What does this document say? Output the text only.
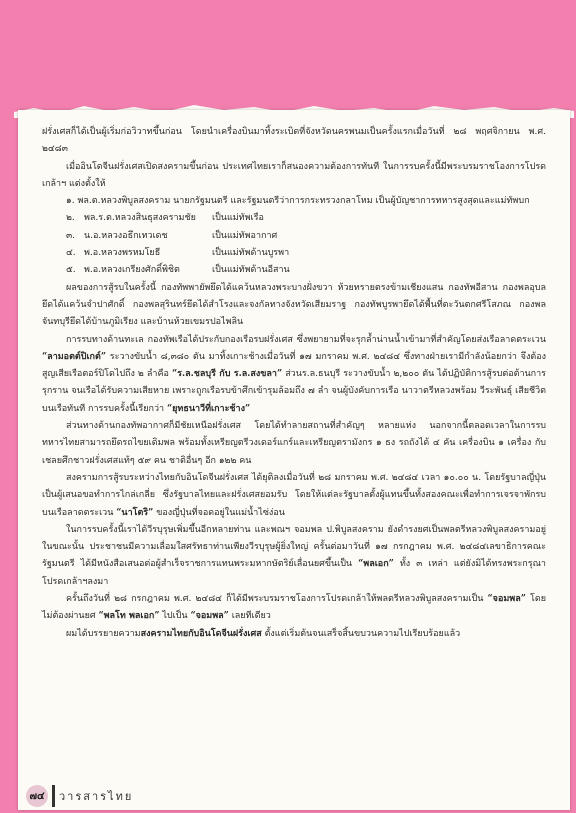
ฝรั่งเศสก็ได้เป็นผู้เริ่มก่อวิวาทขึ้นก่อน โดยนำเครื่องบินมาทิ้งระเบิดที่จังหวัดนครพนมเป็นครั้งแรกเมื่อวันที่ ๒๘ พฤศจิกายน พ.ศ. ๒๔๘๓

เมื่ออินโดจีนฝรั่งเศสเปิดสงครามขึ้นก่อน ประเทศไทยเราก็สนองความต้องการทันที ในการรบครั้งนี้มีพระบรมราชโองการโปรดเกล้าฯ แต่งตั้งให้

๑. พล.ต.หลวงพิบูลสงคราม นายกรัฐมนตรี และรัฐมนตรีว่าการกระทรวงกลาโหม เป็นผู้บัญชาการทหารสูงสุดและแม่ทัพบก
๒.	พล.ร.ต.หลวงสินธุสงครามชัย	เป็นแม่ทัพเรือ
๓. น.อ.หลวงอธึกเทวเดช	เป็นแม่ทัพอากาศ
๔. พ.อ.หลวงพรหมโยธี	เป็นแม่ทัพด้านบูรพา
๕. พ.อ.หลวงเกรียงศักดิ์พิชิต	เป็นแม่ทัพด้านอีสาน

ผลของการสู้รบในครั้งนี้ กองทัพพายัพยึดได้แคว้นหลวงพระบางฝั่งขวา ห้วยทรายตรงข้ามเชียงแสน กองทัพอีสาน กองพลอุบลยึดได้แคว้นจำปาศักดิ์ กองพลสุรินทร์ยึดได้สำโรงและจงกัลทางจังหวัดเสียมราฐ กองทัพบูรพายึดได้พื้นที่ตะวันตกศรีโสภณ กองพลจันทบุรียึดได้บ้านภูมิเรียง และบ้านห้วยเขมรปอไพลิน

การรบทางด้านทะเล กองทัพเรือได้ประกับกองเรือรบฝรั่งเศส ซึ่งพยายามที่จะรุกล้ำน่านน้ำเข้ามาที่สำคัญโดยส่งเรือลาดตระเวน “ลามอตต์ปิเกต์” ระวางขับน้ำ ๘,๓๘๐ ตัน มาทิ้งเกาะช้างเมื่อวันที่ ๑๗ มกราคม พ.ศ. ๒๔๘๔ ซึ่งทางฝ่ายเรามีกำลังน้อยกว่า จึงต้องสูญเสียเรือตอร์ปิโดไปถึง ๒ ลำคือ “ร.ล.ชลบุรี กับ ร.ล.สงขลา” ส่วนร.ล.ธนบุรี ระวางขับน้ำ ๒,๒๐๐ ตัน ได้ปฏิบัติการสู้รบต่อต้านการรุกราน จนเรือได้รับความเสียหาย เพราะถูกเรือรบข้าศึกเข้ารุมล้อมถึง ๗ ลำ จนผู้บังคับการเรือ นาวาตรีหลวงพร้อม วีระพันธุ์ เสียชีวิตบนเรือทันที การรบครั้งนี้เรียกว่า “ยุทธนาวีที่เกาะช้าง”

ส่วนทางด้านกองทัพอากาศก็มีชัยเหนือฝรั่งเศส โดยได้ทำลายสถานที่สำคัญๆ หลายแห่ง นอกจากนี้ตลอดเวลาในการรบทหารไทยสามารถยึดรถไขยเดิมพล พร้อมทั้งเหรียญตรีวงเดอร์แกร์และเหรียญตรามังกร ๑ ธง รถถังได้ ๔ คัน เครื่องบิน ๑ เครื่อง กับเชลยศึกชาวฝรั่งเศสแท้ๆ ๕๙ คน ชาติอื่นๆ อีก ๑๒๒ คน

สงครามการสู้รบระหว่างไทยกับอินโดจีนฝรั่งเศส ได้ยุติลงเมื่อวันที่ ๒๘ มกราคม พ.ศ. ๒๔๘๔ เวลา ๑๐.๐๐ น. โดยรัฐบาลญี่ปุ่นเป็นผู้เสนอขอทำการไกล่เกลี่ย ซึ่งรัฐบาลไทยและฝรั่งเศสยอมรับ โดยให้แต่ละรัฐบาลตั้งผู้แทนขึ้นทั้งสองคณะเพื่อทำการเจรจาพักรบ บนเรือลาดตระเวน “นาโตริ” ของญี่ปุ่นที่จอดอยู่ในแม่น้ำไซ่ง่อน

ในการรบครั้งนี้เราได้วีรบุรุษเพิ่มขึ้นอีกหลายท่าน และพณฯ จอมพล ป.พิบูลสงคราม ยังดำรงยศเป็นพลตรีหลวงพิบูลสงครามอยู่ในขณะนั้น ประชาชนมีความเลื่อมใสศรัทธาท่านเพียงวีรบุรุษผู้ยิ่งใหญ่ ครั้นต่อมาวันที่ ๑๗ กรกฎาคม พ.ศ. ๒๔๘๔เลขาธิการคณะรัฐมนตรี ได้มีหนังสือเสนอต่อผู้สำเร็จราชการแทนพระมหากษัตริย์เลื่อนยศขึ้นเป็น “พลเอก” ทั้ง ๓ เหล่า แต่ยังมิได้ทรงพระกรุณาโปรดเกล้าฯลงมา

ครั้นถึงวันที่ ๒๘ กรกฎาคม พ.ศ. ๒๔๘๔ ก็ได้มีพระบรมราชโองการโปรดเกล้าให้พลตรีหลวงพิบูลสงครามเป็น “จอมพล” โดยไม่ต้องผ่านยศ “พลโท พลเอก” ไปเป็น “จอมพล” เลยทีเดียว

ผมได้บรรยายความสงครามไทยกับอินโดจีนฝรั่งเศส ตั้งแต่เริ่มต้นจนเสร็จสิ้นขบวนความไปเรียบร้อยแล้ว

๗๔	วารสารไทย
